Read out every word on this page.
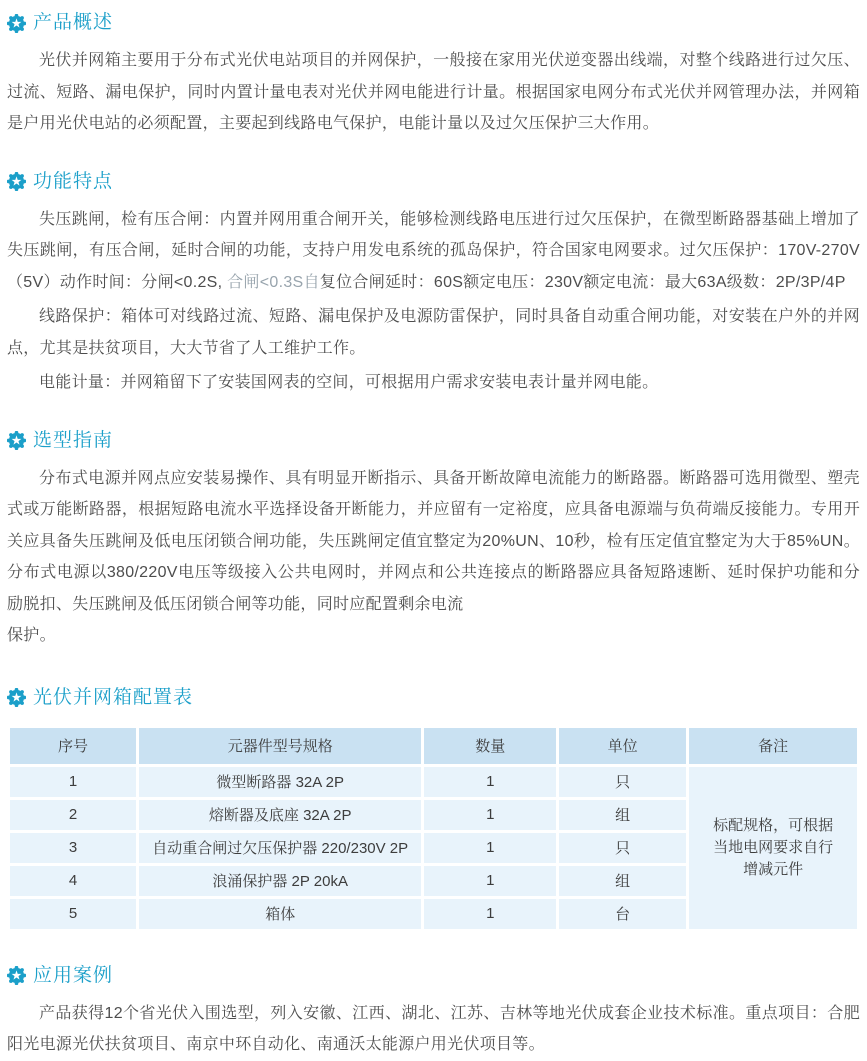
产品概述

光伏并网箱主要用于分布式光伏电站项目的并网保护，一般接在家用光伏逆变器出线端，对整个线路进行过欠压、过流、短路、漏电保护，同时内置计量电表对光伏并网电能进行计量。根据国家电网分布式光伏并网管理办法，并网箱是户用光伏电站的必须配置，主要起到线路电气保护，电能计量以及过欠压保护三大作用。

功能特点

失压跳闸，检有压合闸：内置并网用重合闸开关，能够检测线路电压进行过欠压保护，在微型断路器基础上增加了失压跳闸，有压合闸，延时合闸的功能，支持户用发电系统的孤岛保护，符合国家电网要求。过欠压保护：170V-270V（5V）动作时间：分闸<0.2S, 合闸<0.3S自复位合闸延时：60S额定电压：230V额定电流：最大63A级数：2P/3P/4P

线路保护：箱体可对线路过流、短路、漏电保护及电源防雷保护，同时具备自动重合闸功能，对安装在户外的并网点，尤其是扶贫项目，大大节省了人工维护工作。

电能计量：并网箱留下了安装国网表的空间，可根据用户需求安装电表计量并网电能。

选型指南

分布式电源并网点应安装易操作、具有明显开断指示、具备开断故障电流能力的断路器。断路器可选用微型、塑壳式或万能断路器，根据短路电流水平选择设备开断能力，并应留有一定裕度，应具备电源端与负荷端反接能力。专用开关应具备失压跳闸及低电压闭锁合闸功能，失压跳闸定值宜整定为20%UN、10秒，检有压定值宜整定为大于85%UN。 分布式电源以380/220V电压等级接入公共电网时，并网点和公共连接点的断路器应具备短路速断、延时保护功能和分励脱扣、失压跳闸及低压闭锁合闸等功能，同时应配置剩余电流
保护。

光伏并网箱配置表
序号	元器件型号规格	数量	单位	备注
1	微型断路器 32A 2P	1	只	标配规格，可根据
当地电网要求自行
增减元件

2	熔断器及底座 32A 2P	1	组	
3	自动重合闸过欠压保护器 220/230V 2P	1	只	
4	浪涌保护器 2P 20kA	1	组	
5	箱体	1	台	
应用案例

产品获得12个省光伏入围选型，列入安徽、江西、湖北、江苏、吉林等地光伏成套企业技术标准。重点项目：合肥阳光电源光伏扶贫项目、南京中环自动化、南通沃太能源户用光伏项目等。
